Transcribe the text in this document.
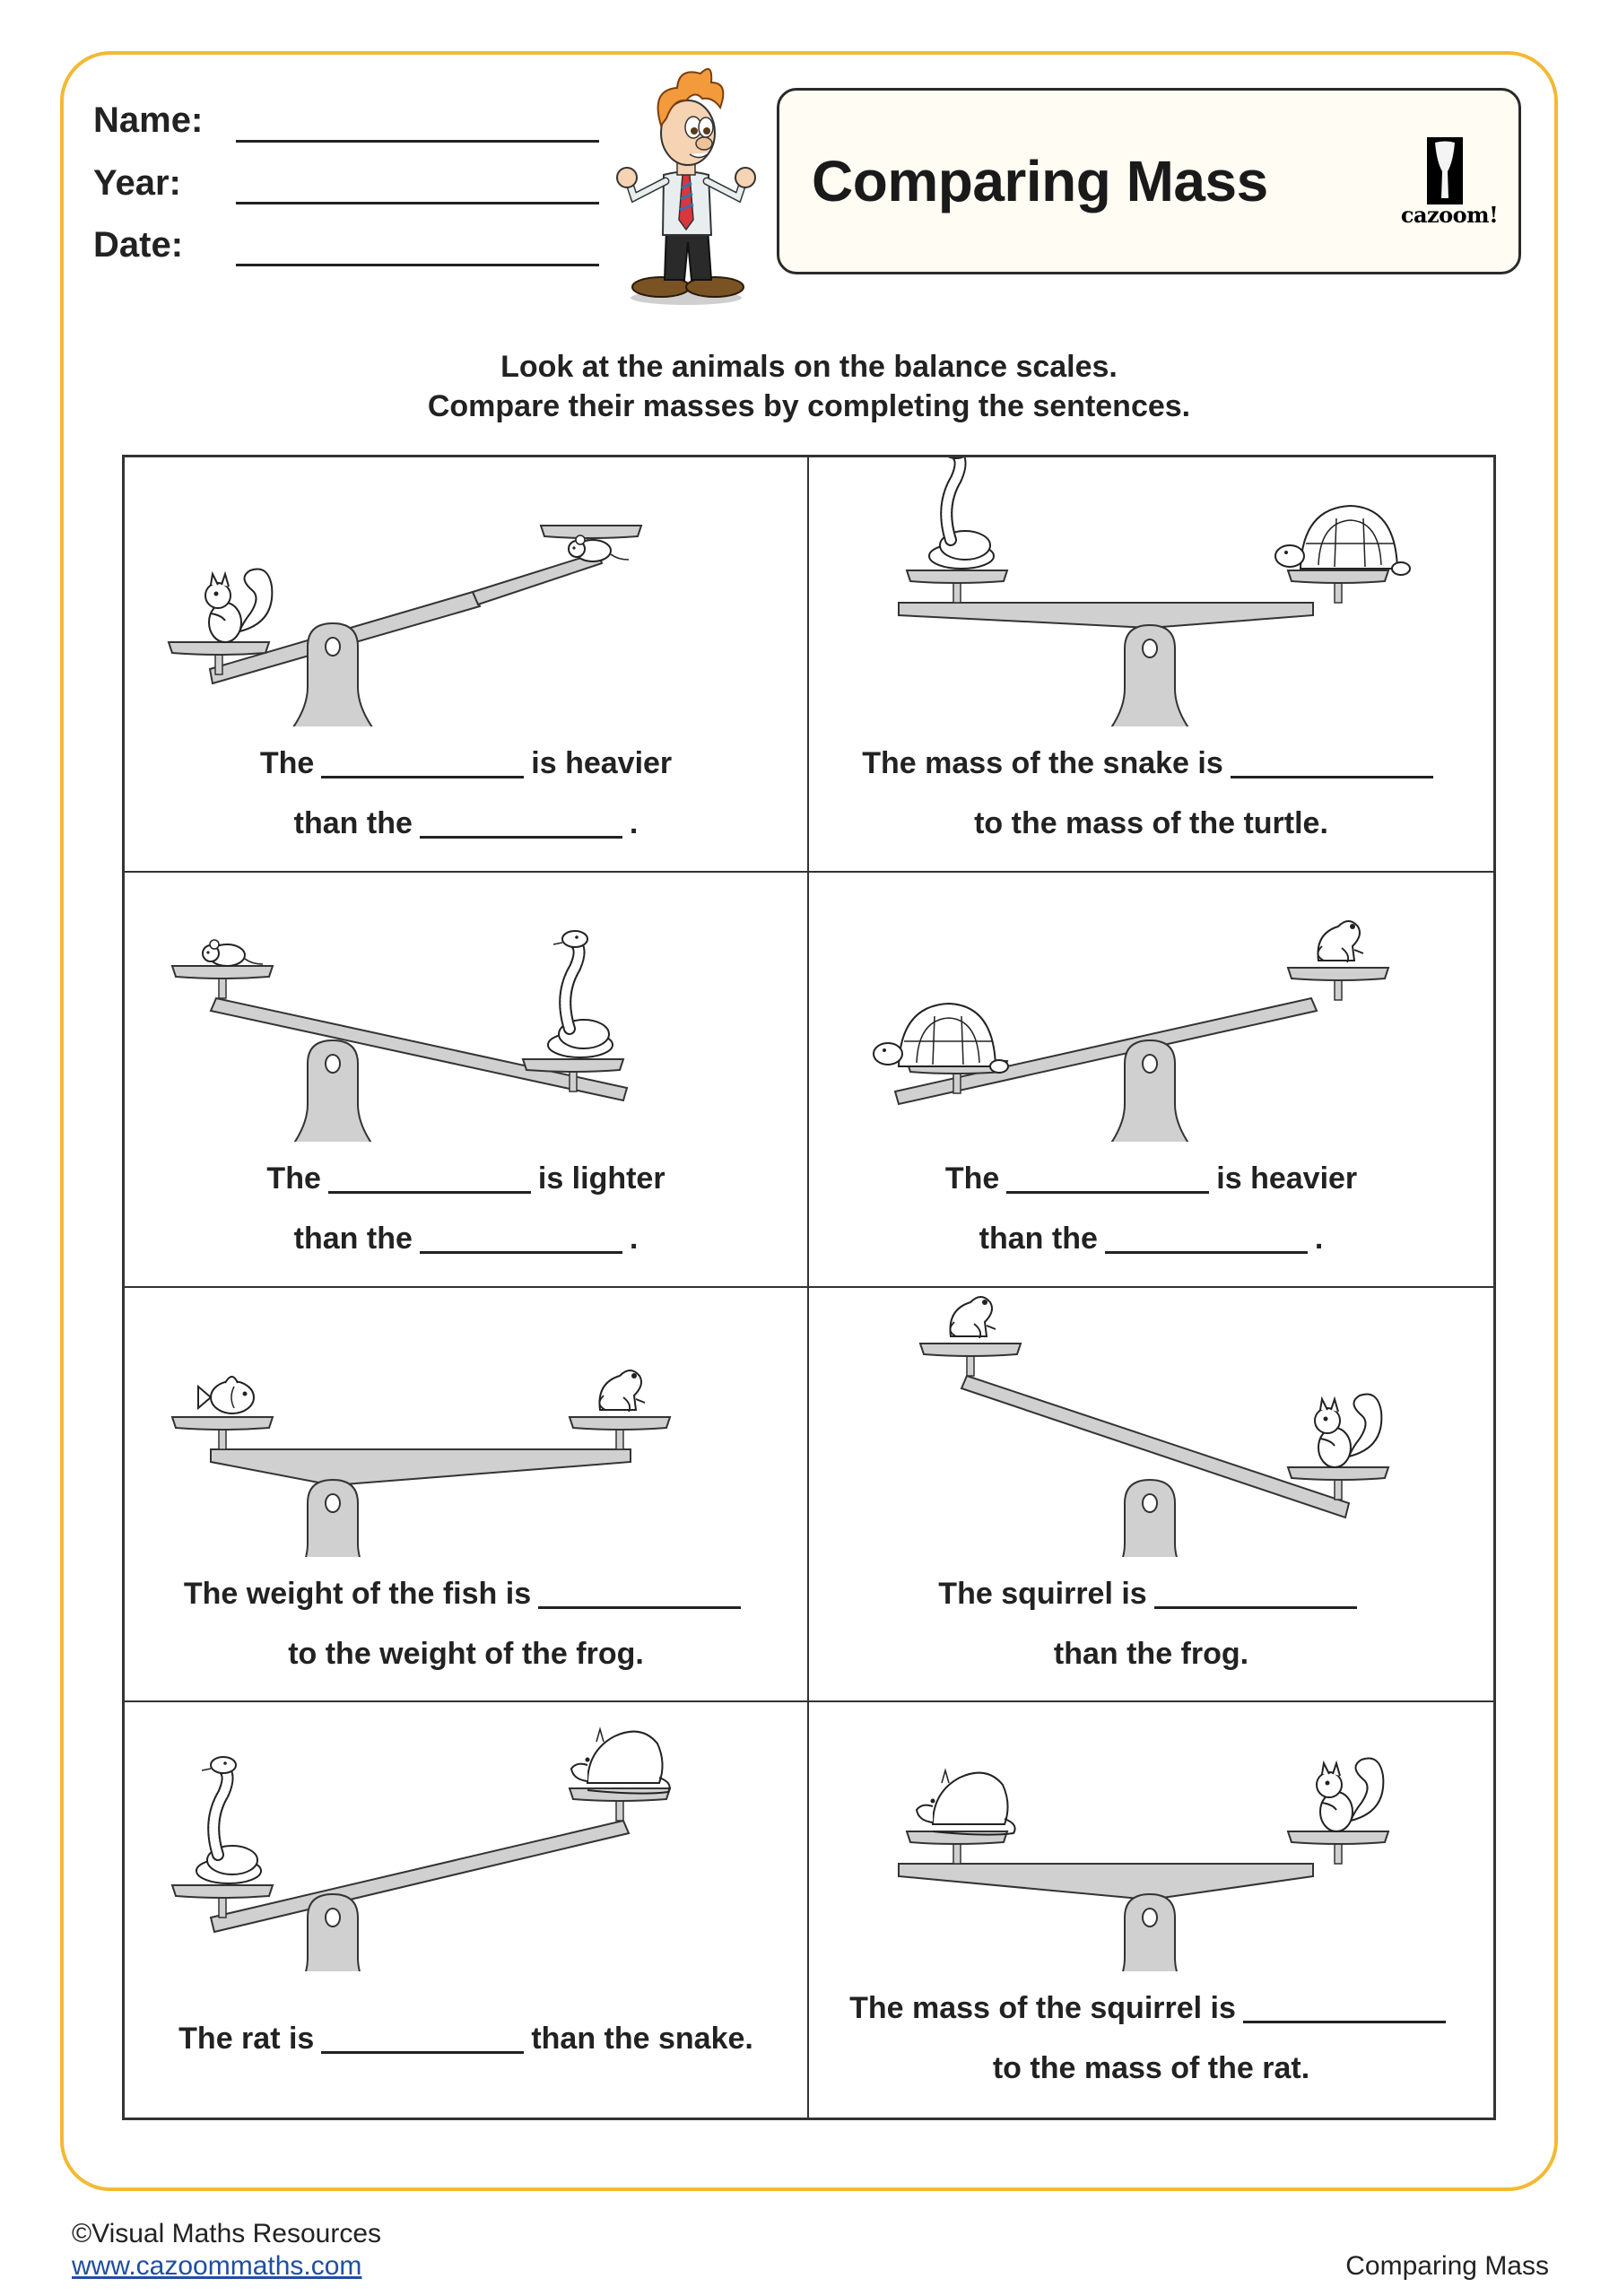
Name:
Year:
Date:
Comparing Mass
cazoom!
Look at the animals on the balance scales.
Compare their masses by completing the sentences.
The	is heavier
than the	.
The mass of the snake is
to the mass of the turtle.
The	is lighter
than the	.
The	is heavier
than the	.
The weight of the fish is
to the weight of the frog.
The squirrel is
than the frog.
The rat is	than the snake.
The mass of the squirrel is
to the mass of the rat.
©Visual Maths Resources
www.cazoommaths.com	Comparing Mass
